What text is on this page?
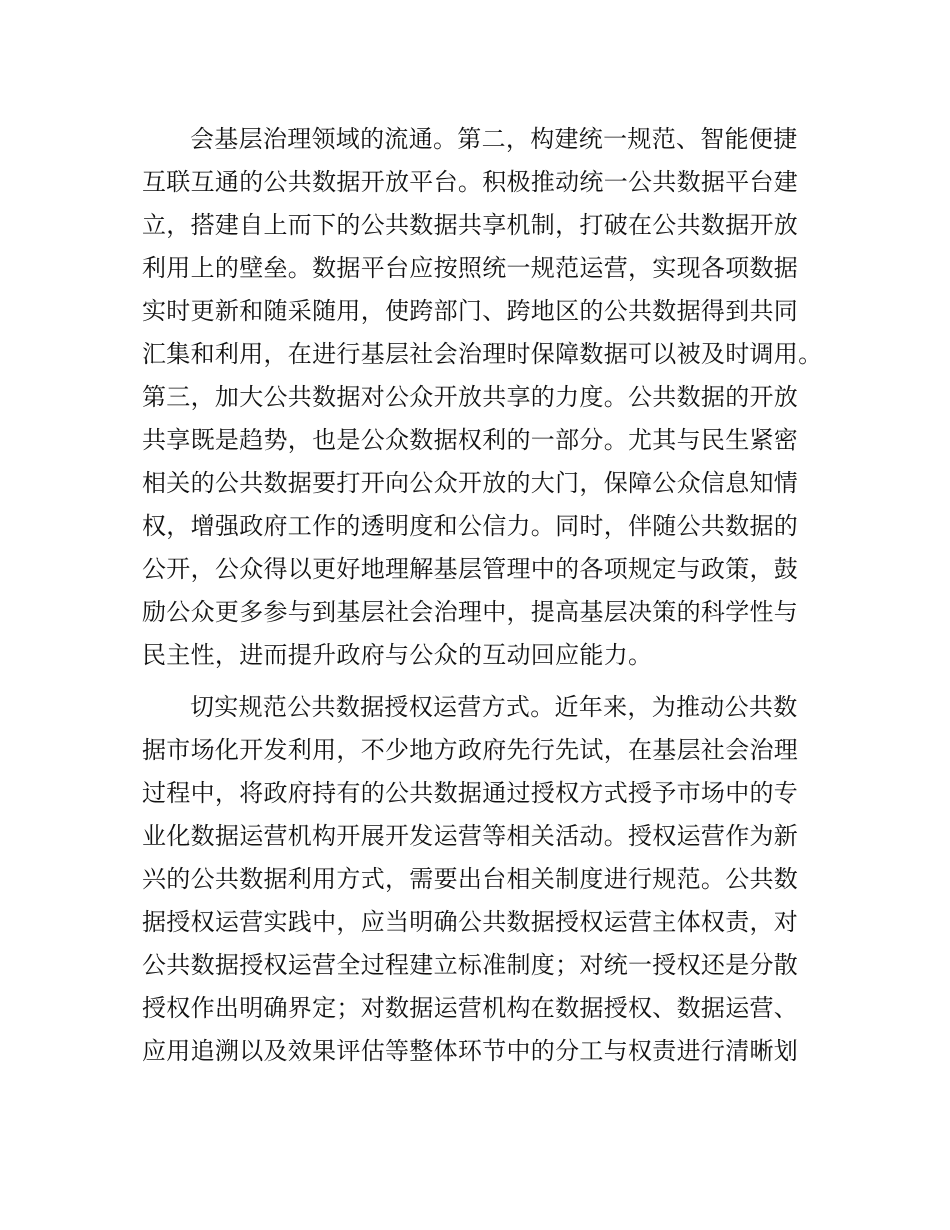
会基层治理领域的流通。第二，构建统一规范、智能便捷
互联互通的公共数据开放平台。积极推动统一公共数据平台建
立，搭建自上而下的公共数据共享机制，打破在公共数据开放
利用上的壁垒。数据平台应按照统一规范运营，实现各项数据
实时更新和随采随用，使跨部门、跨地区的公共数据得到共同
汇集和利用，在进行基层社会治理时保障数据可以被及时调用。
第三，加大公共数据对公众开放共享的力度。公共数据的开放
共享既是趋势，也是公众数据权利的一部分。尤其与民生紧密
相关的公共数据要打开向公众开放的大门，保障公众信息知情
权，增强政府工作的透明度和公信力。同时，伴随公共数据的
公开，公众得以更好地理解基层管理中的各项规定与政策，鼓
励公众更多参与到基层社会治理中，提高基层决策的科学性与
民主性，进而提升政府与公众的互动回应能力。
切实规范公共数据授权运营方式。近年来，为推动公共数
据市场化开发利用，不少地方政府先行先试，在基层社会治理
过程中，将政府持有的公共数据通过授权方式授予市场中的专
业化数据运营机构开展开发运营等相关活动。授权运营作为新
兴的公共数据利用方式，需要出台相关制度进行规范。公共数
据授权运营实践中，应当明确公共数据授权运营主体权责，对
公共数据授权运营全过程建立标准制度；对统一授权还是分散
授权作出明确界定；对数据运营机构在数据授权、数据运营、
应用追溯以及效果评估等整体环节中的分工与权责进行清晰划
